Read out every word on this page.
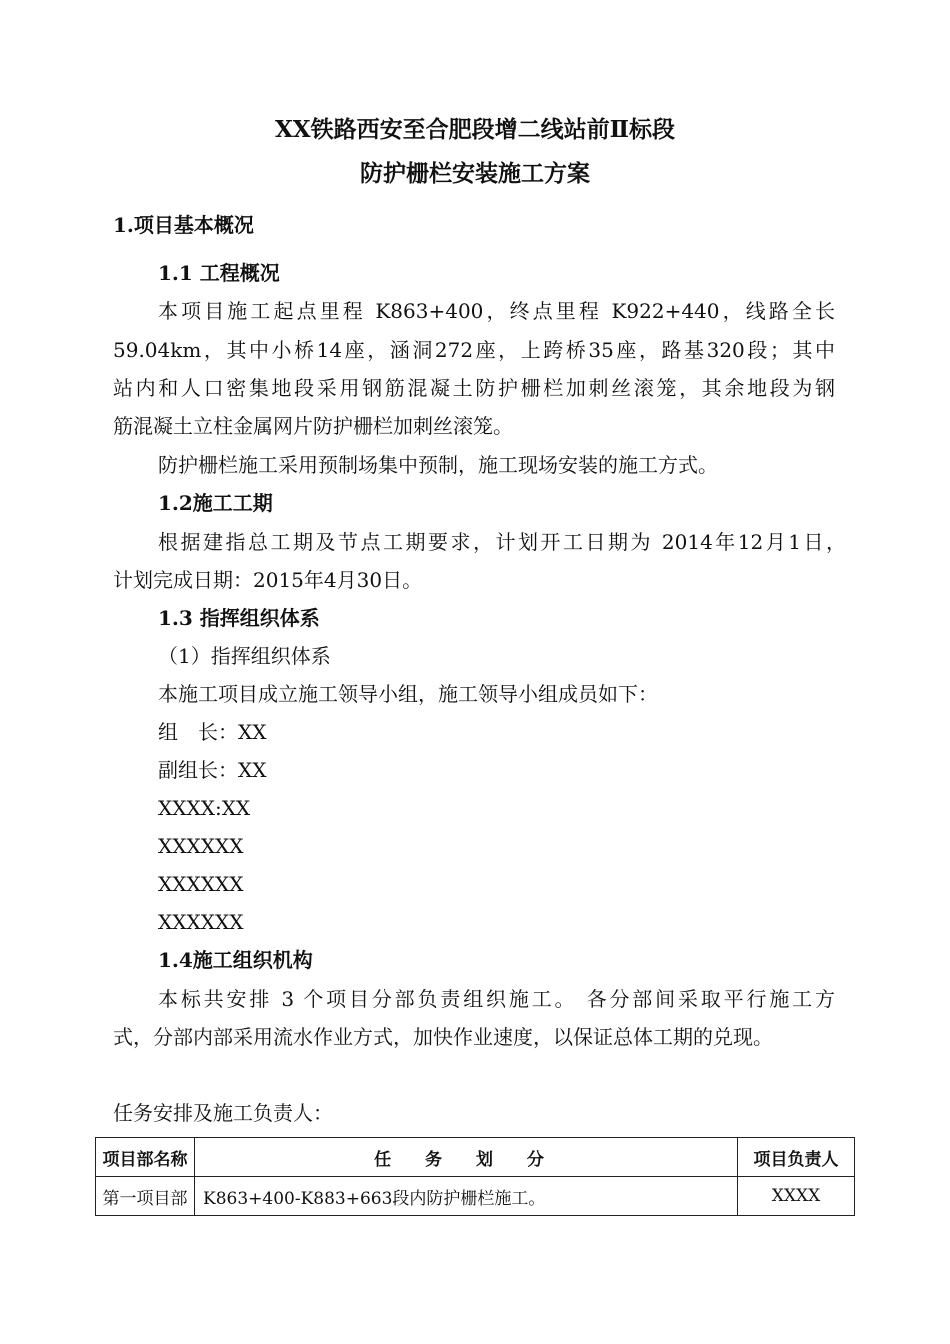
XX铁路西安至合肥段增二线站前Ⅱ标段
防护栅栏安装施工方案
1.项目基本概况
1.1 工程概况
本项目施工起点里程 K863+400，终点里程 K922+440，线路全长
59.04km，其中小桥14座，涵洞272座，上跨桥35座，路基320段；其中
站内和人口密集地段采用钢筋混凝土防护栅栏加刺丝滚笼，其余地段为钢
筋混凝土立柱金属网片防护栅栏加刺丝滚笼。
防护栅栏施工采用预制场集中预制，施工现场安装的施工方式。
1.2施工工期
根据建指总工期及节点工期要求，计划开工日期为 2014年12月1日，
计划完成日期：2015年4月30日。
1.3 指挥组织体系
（1）指挥组织体系
本施工项目成立施工领导小组，施工领导小组成员如下：
组　长：XX
副组长：XX
XXXX:XX
XXXXXX
XXXXXX
XXXXXX
1.4施工组织机构
本标共安排 3 个项目分部负责组织施工。 各分部间采取平行施工方
式，分部内部采用流水作业方式，加快作业速度，以保证总体工期的兑现。
任务安排及施工负责人：
项目部名称	任 务 划 分	项目负责人
第一项目部	K863+400-K883+663段内防护栅栏施工。	XXXX
